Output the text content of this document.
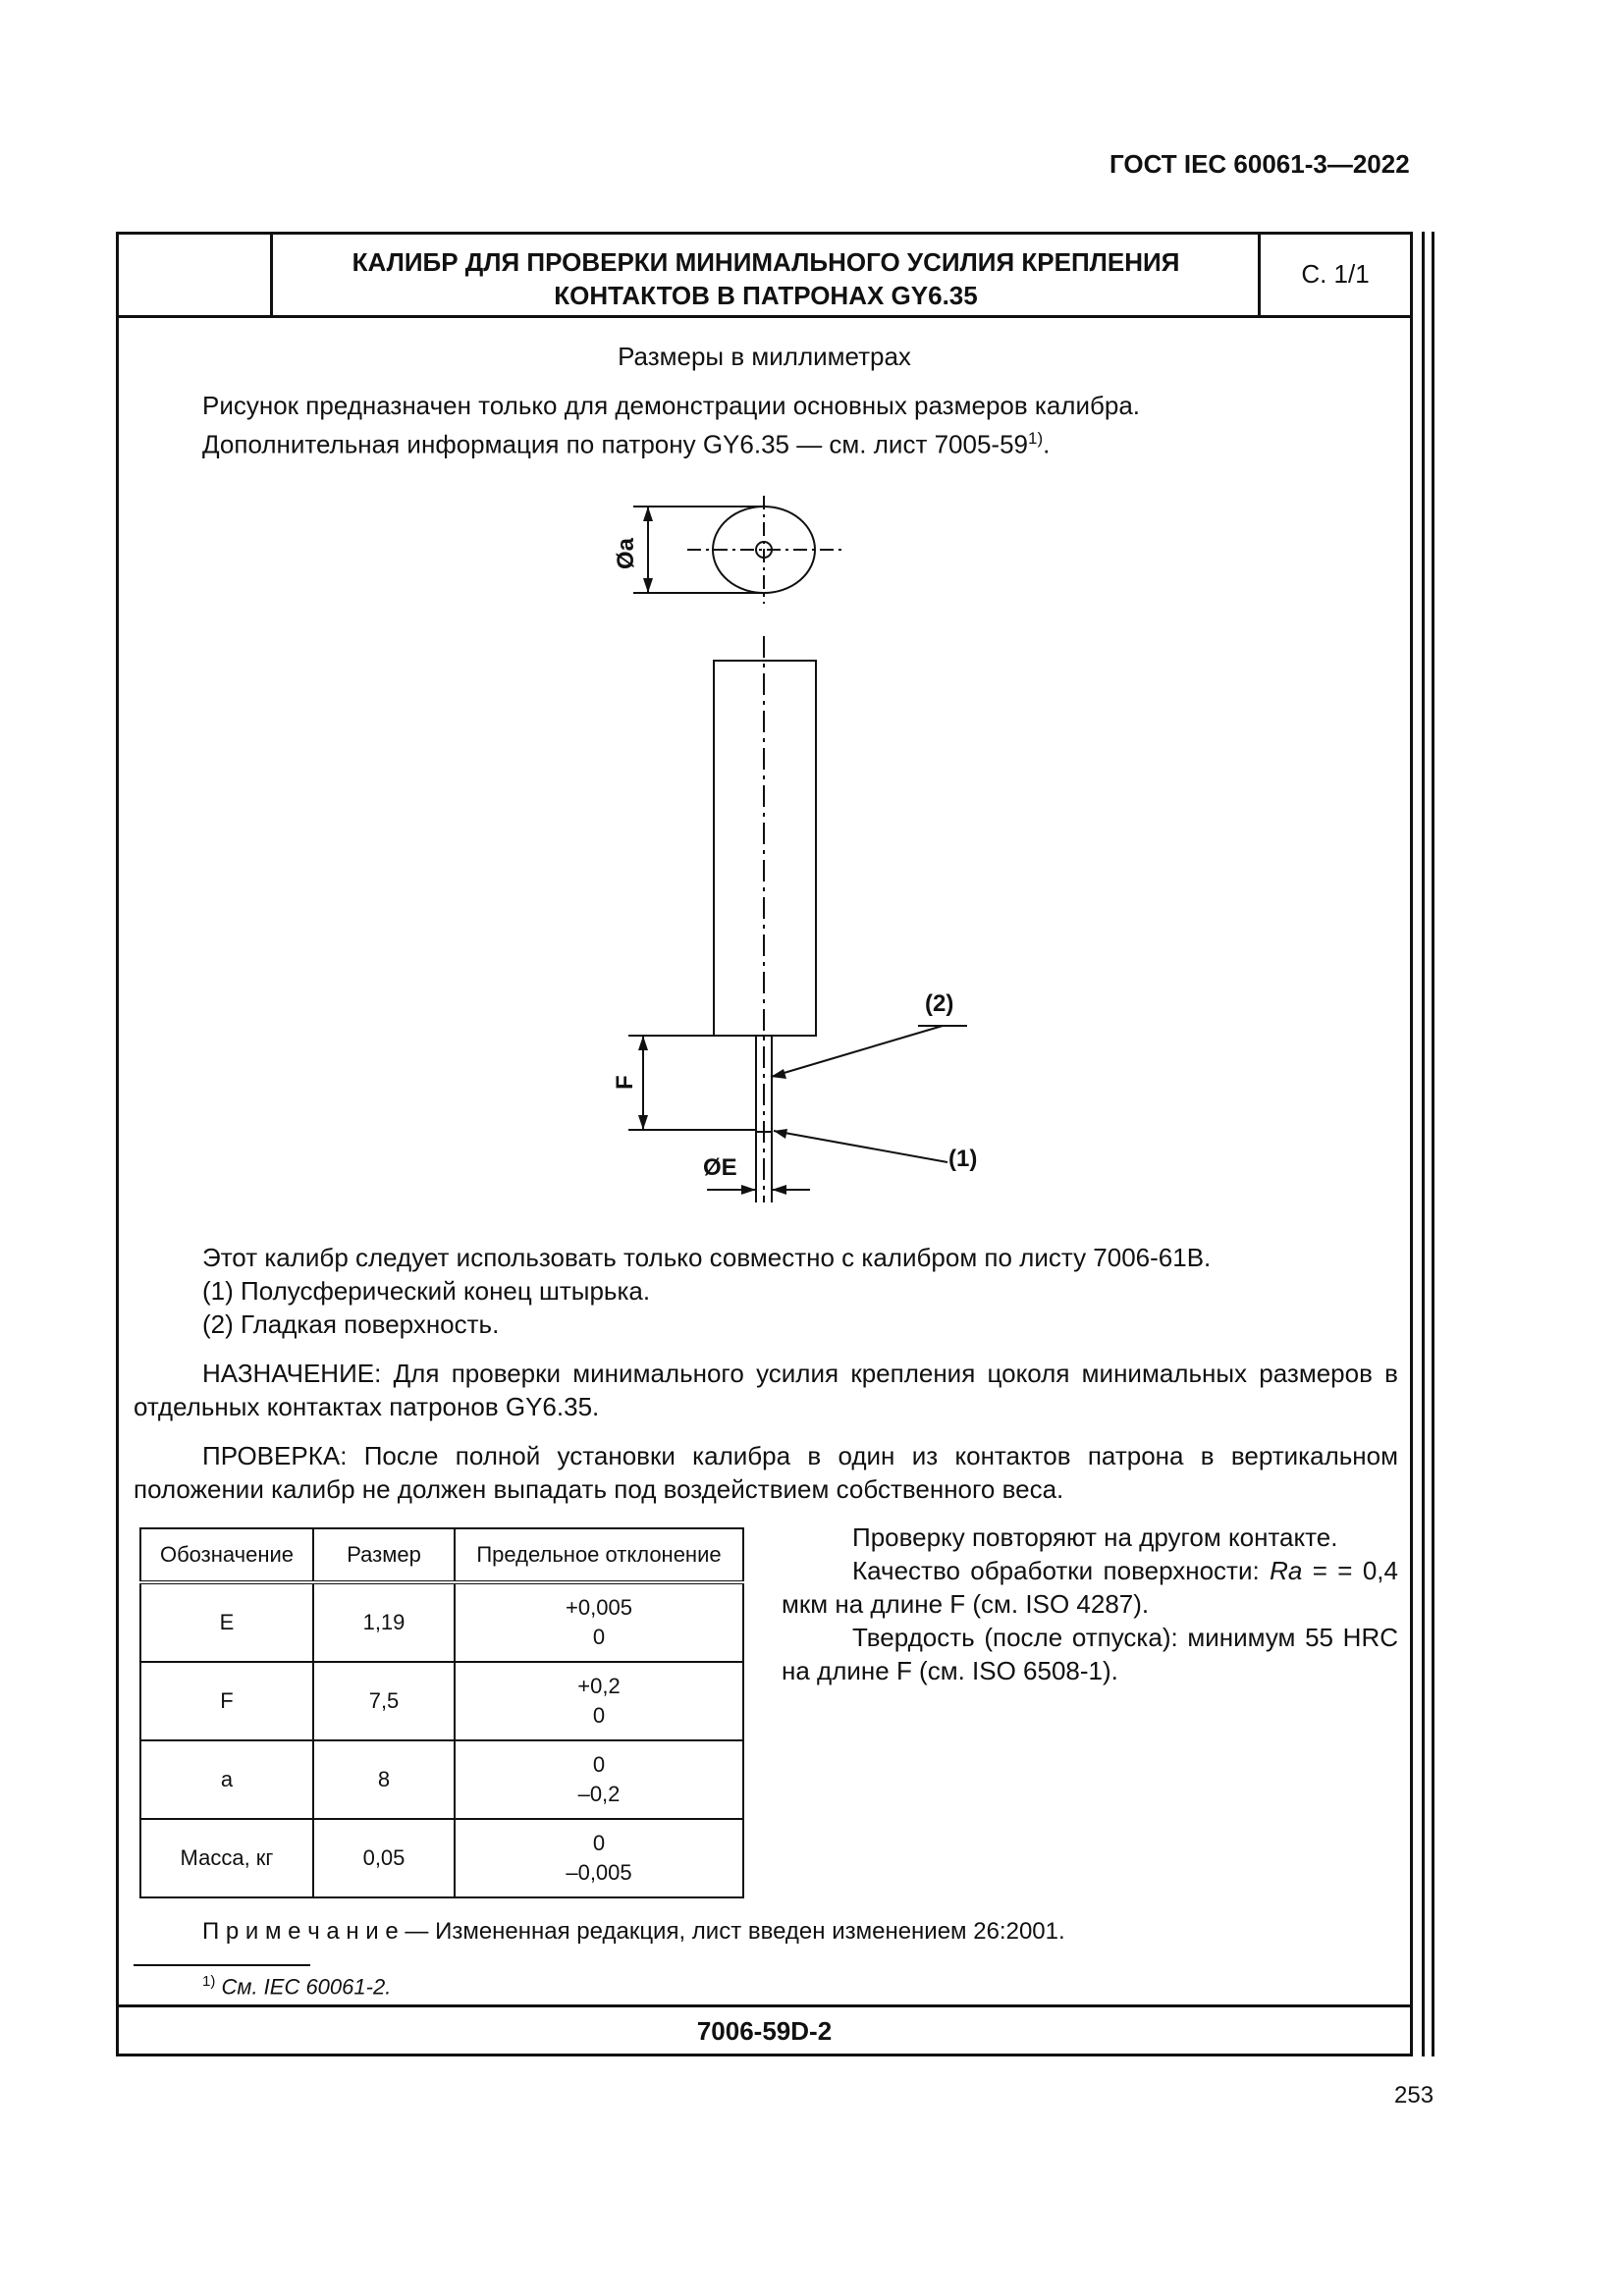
ГОСТ IEC 60061-3—2022
КАЛИБР ДЛЯ ПРОВЕРКИ МИНИМАЛЬНОГО УСИЛИЯ КРЕПЛЕНИЯ
КОНТАКТОВ В ПАТРОНАХ GY6.35
С. 1/1
Размеры в миллиметрах
Рисунок предназначен только для демонстрации основных размеров калибра.
Дополнительная информация по патрону GY6.35 — см. лист 7005-59$^{1)}$.
Øa
F
ØE
(2)
(1)
Этот калибр следует использовать только совместно с калибром по листу 7006-61B.
(1) Полусферический конец штырька.
(2) Гладкая поверхность.
НАЗНАЧЕНИЕ: Для проверки минимального усилия крепления цоколя минимальных размеров в отдельных контактах патронов GY6.35.
ПРОВЕРКА: После полной установки калибра в один из контактов патрона в вертикальном положении калибр не должен выпадать под воздействием собственного веса.
Обозначение	Размер	Предельное отклонение
E	1,19	+0,005
0

F	7,5	+0,2
0

a	8	0
–0,2

Масса, кг	0,05	0
–0,005
Проверку повторяют на другом контакте.
Качество обработки поверхности: Ra = = 0,4 мкм на длине F (см. ISO 4287).
Твердость (после отпуска): минимум 55 HRC на длине F (см. ISO 6508-1).
П р и м е ч а н и е — Измененная редакция, лист введен изменением 26:2001.
$^{1)}$ См. IEC 60061-2.
7006-59D-2
253
